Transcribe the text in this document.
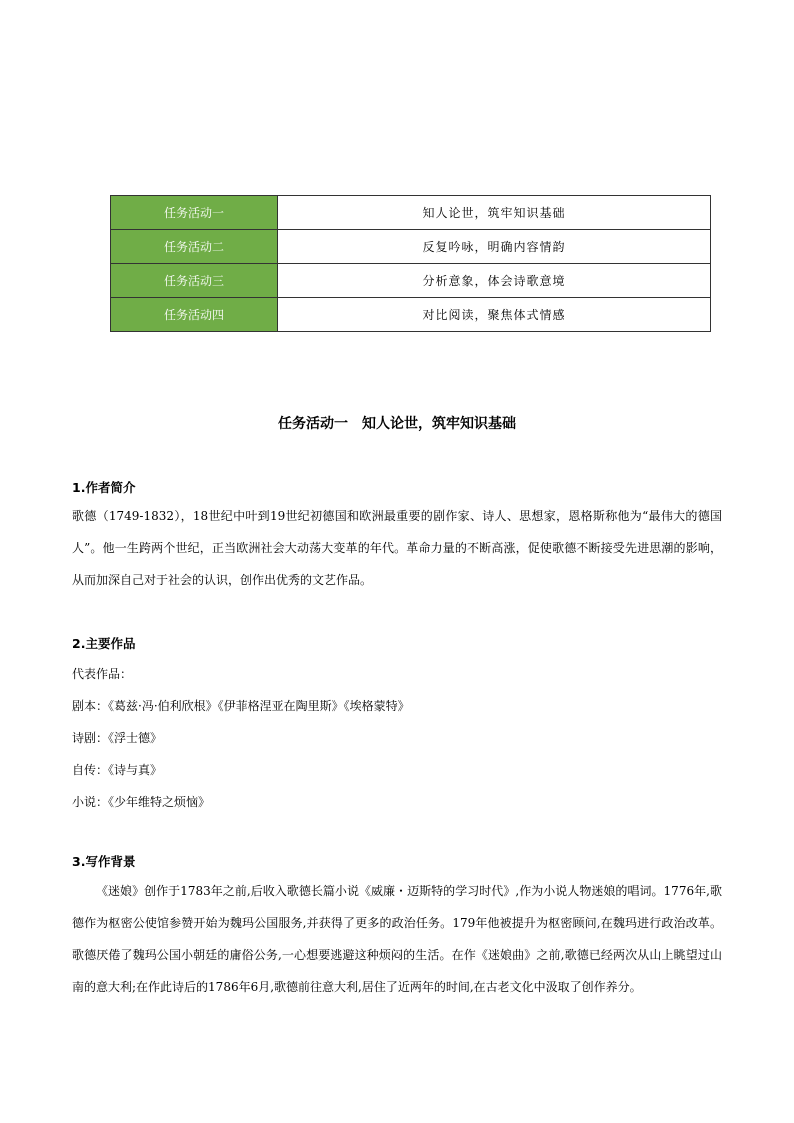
任务活动一	知人论世，筑牢知识基础
任务活动二	反复吟咏，明确内容情韵
任务活动三	分析意象，体会诗歌意境
任务活动四	对比阅读，聚焦体式情感
任务活动一　知人论世，筑牢知识基础
1.作者简介
歌德（1749-1832），18世纪中叶到19世纪初德国和欧洲最重要的剧作家、诗人、思想家，恩格斯称他为“最伟大的德国人”。他一生跨两个世纪，正当欧洲社会大动荡大变革的年代。革命力量的不断高涨，促使歌德不断接受先进思潮的影响，从而加深自己对于社会的认识，创作出优秀的文艺作品。
2.主要作品
代表作品：
剧本：《葛兹·冯·伯利欣根》《伊菲格涅亚在陶里斯》《埃格蒙特》
诗剧：《浮士德》
自传：《诗与真》
小说：《少年维特之烦恼》
3.写作背景
《迷娘》创作于1783年之前,后收入歌德长篇小说《威廉・迈斯特的学习时代》,作为小说人物迷娘的唱词。1776年,歌德作为枢密公使馆参赞开始为魏玛公国服务,并获得了更多的政治任务。179年他被提升为枢密顾问,在魏玛进行政治改革。歌德厌倦了魏玛公国小朝廷的庸俗公务,一心想要逃避这种烦闷的生活。在作《迷娘曲》之前,歌德已经两次从山上眺望过山南的意大利;在作此诗后的1786年6月,歌德前往意大利,居住了近两年的时间,在古老文化中汲取了创作养分。
